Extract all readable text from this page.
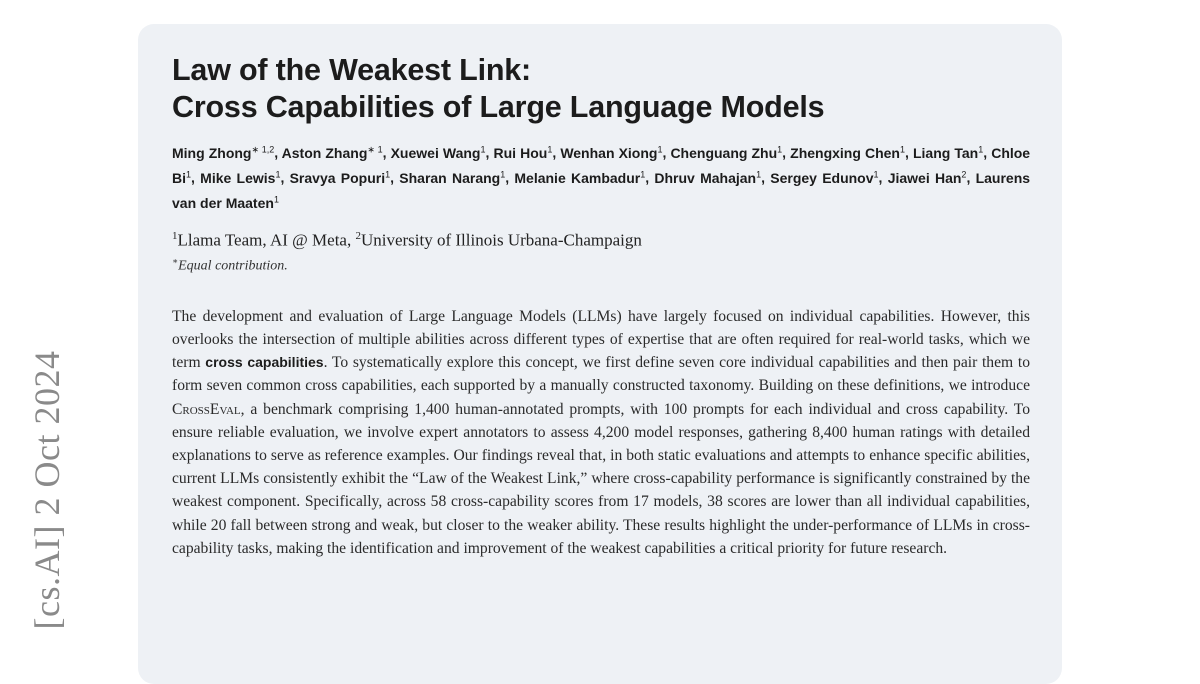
[cs.AI] 2 Oct 2024
Law of the Weakest Link:
Cross Capabilities of Large Language Models
Ming Zhong$^{∗ 1,2}$, Aston Zhang$^{∗ 1}$, Xuewei Wang$^1$, Rui Hou$^1$, Wenhan Xiong$^1$, Chenguang Zhu$^1$, Zhengxing Chen$^1$, Liang Tan$^1$, Chloe Bi$^1$, Mike Lewis$^1$, Sravya Popuri$^1$, Sharan Narang$^1$, Melanie Kambadur$^1$, Dhruv Mahajan$^1$, Sergey Edunov$^1$, Jiawei Han$^2$, Laurens van der Maaten$^1$
$^1$Llama Team, AI @ Meta, $^2$University of Illinois Urbana-Champaign
∗Equal contribution.
The development and evaluation of Large Language Models (LLMs) have largely focused on individual capabilities. However, this overlooks the intersection of multiple abilities across different types of expertise that are often required for real-world tasks, which we term cross capabilities. To systematically explore this concept, we first define seven core individual capabilities and then pair them to form seven common cross capabilities, each supported by a manually constructed taxonomy. Building on these definitions, we introduce CrossEval, a benchmark comprising 1,400 human-annotated prompts, with 100 prompts for each individual and cross capability. To ensure reliable evaluation, we involve expert annotators to assess 4,200 model responses, gathering 8,400 human ratings with detailed explanations to serve as reference examples. Our findings reveal that, in both static evaluations and attempts to enhance specific abilities, current LLMs consistently exhibit the “Law of the Weakest Link,” where cross-capability performance is significantly constrained by the weakest component. Specifically, across 58 cross-capability scores from 17 models, 38 scores are lower than all individual capabilities, while 20 fall between strong and weak, but closer to the weaker ability. These results highlight the under-performance of LLMs in cross-capability tasks, making the identification and improvement of the weakest capabilities a critical priority for future research.
